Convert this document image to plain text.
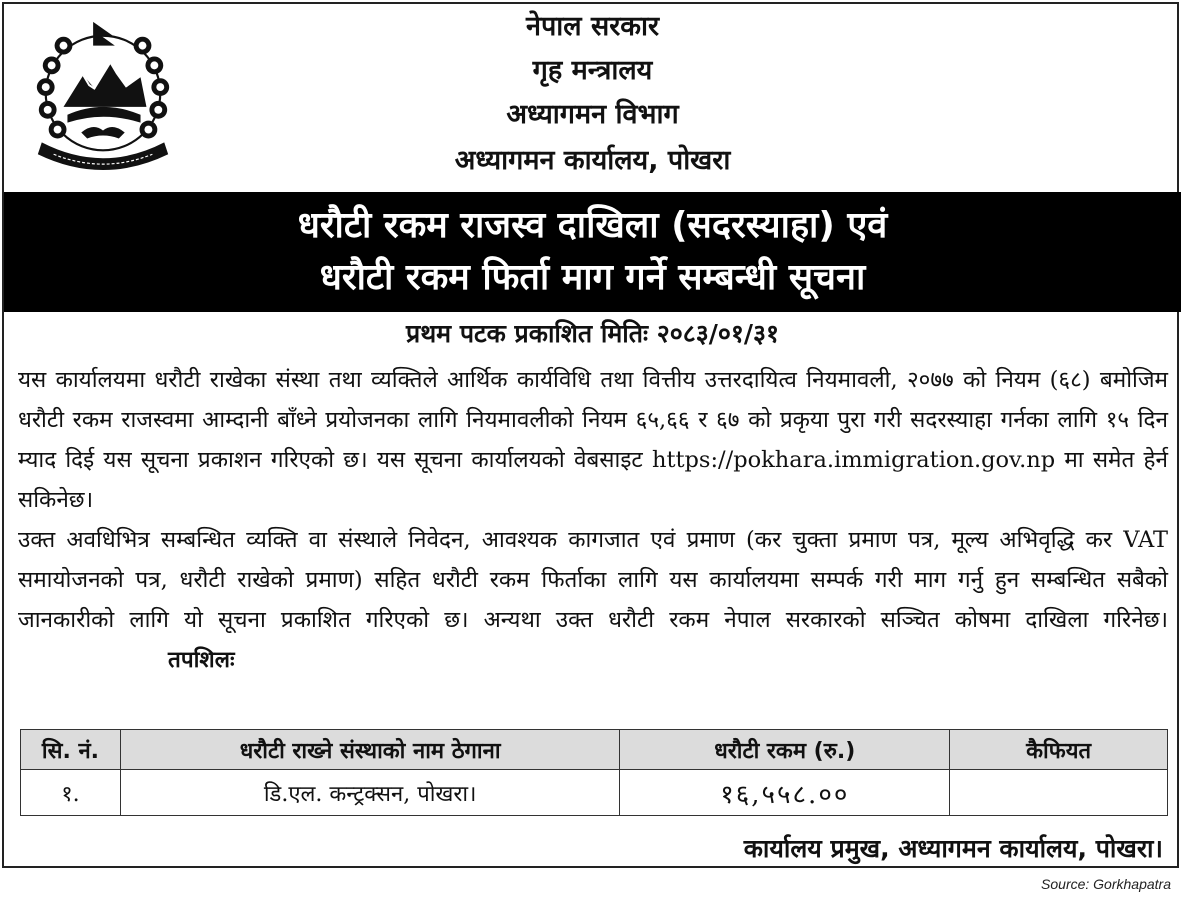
नेपाल सरकार
गृह मन्त्रालय
अध्यागमन विभाग
अध्यागमन कार्यालय, पोखरा
धरौटी रकम राजस्व दाखिला (सदरस्याहा) एवं
धरौटी रकम फिर्ता माग गर्ने सम्बन्धी सूचना
प्रथम पटक प्रकाशित मितिः २०८३/०१/३१

यस कार्यालयमा धरौटी राखेका संस्था तथा व्यक्तिले आर्थिक कार्यविधि तथा वित्तीय उत्तरदायित्व नियमावली, २०७७ को नियम (६८) बमोजिम धरौटी रकम राजस्वमा आम्दानी बाँध्ने प्रयोजनका लागि नियमावलीको नियम ६५,६६ र ६७ को प्रकृया पुरा गरी सदरस्याहा गर्नका लागि १५ दिन म्याद दिई यस सूचना प्रकाशन गरिएको छ। यस सूचना कार्यालयको वेबसाइट https://pokhara.immigration.gov.np मा समेत हेर्न सकिनेछ।

उक्त अवधिभित्र सम्बन्धित व्यक्ति वा संस्थाले निवेदन, आवश्यक कागजात एवं प्रमाण (कर चुक्ता प्रमाण पत्र, मूल्य अभिवृद्धि कर VAT समायोजनको पत्र, धरौटी राखेको प्रमाण) सहित धरौटी रकम फिर्ताका लागि यस कार्यालयमा सम्पर्क गरी माग गर्नु हुन सम्बन्धित सबैको जानकारीको लागि यो सूचना प्रकाशित गरिएको छ। अन्यथा उक्त धरौटी रकम नेपाल सरकारको सञ्चित कोषमा दाखिला गरिनेछ।तपशिलः

सि. नं.	धरौटी राख्ने संस्थाको नाम ठेगाना	धरौटी रकम (रु.)	कैफियत
१.	डि.एल. कन्ट्रक्सन, पोखरा।	१६,५५८.००	
कार्यालय प्रमुख, अध्यागमन कार्यालय, पोखरा।
Source: Gorkhapatra
